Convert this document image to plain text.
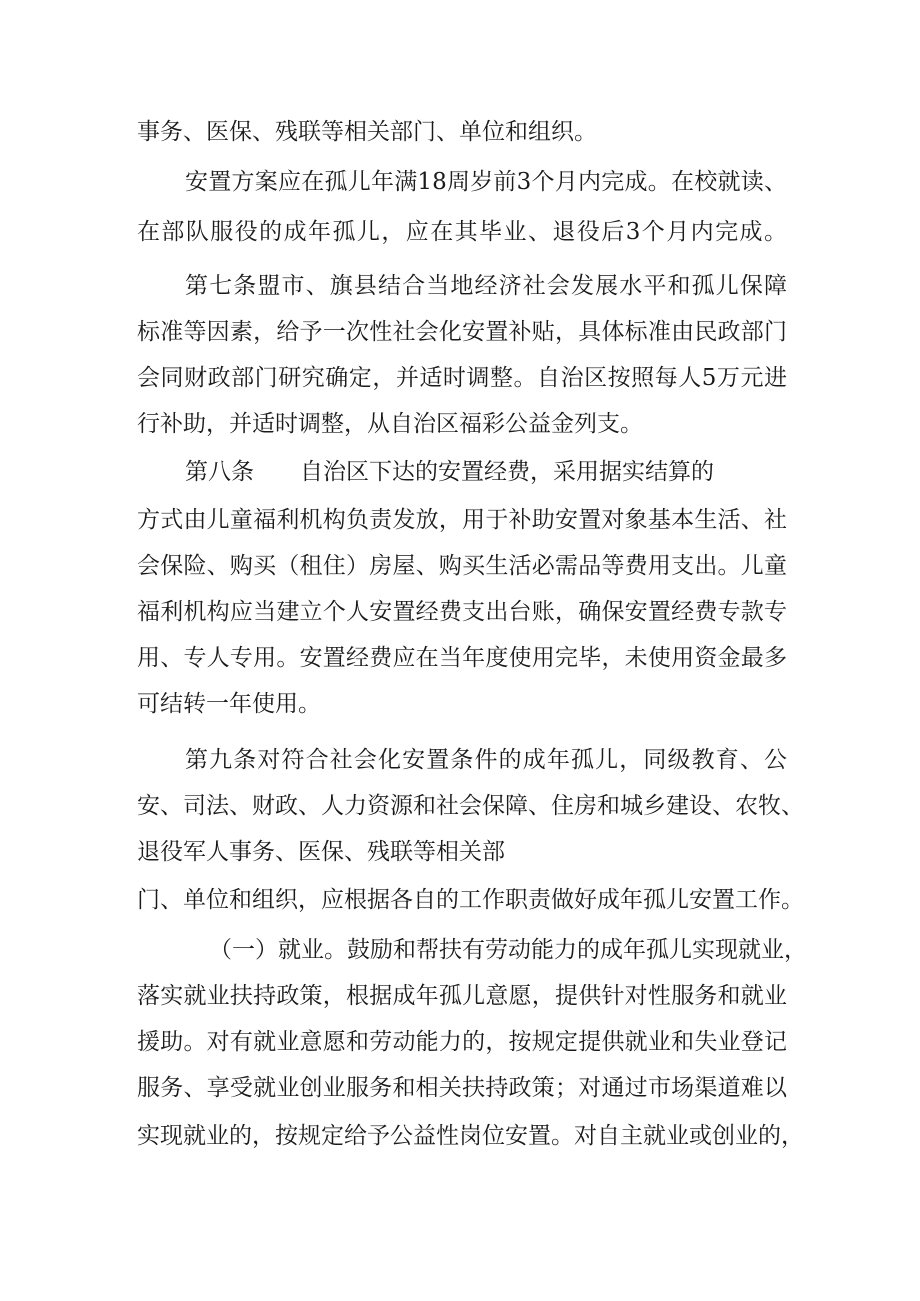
事务、医保、残联等相关部门、单位和组织。
安置方案应在孤儿年满18周岁前3个月内完成。在校就读、
在部队服役的成年孤儿，应在其毕业、退役后3个月内完成。
第七条盟市、旗县结合当地经济社会发展水平和孤儿保障
标准等因素，给予一次性社会化安置补贴，具体标准由民政部门
会同财政部门研究确定，并适时调整。自治区按照每人5万元进
行补助，并适时调整，从自治区福彩公益金列支。
第八条　　自治区下达的安置经费，采用据实结算的
方式由儿童福利机构负责发放，用于补助安置对象基本生活、社
会保险、购买（租住）房屋、购买生活必需品等费用支出。儿童
福利机构应当建立个人安置经费支出台账，确保安置经费专款专
用、专人专用。安置经费应在当年度使用完毕，未使用资金最多
可结转一年使用。
第九条对符合社会化安置条件的成年孤儿，同级教育、公
安、司法、财政、人力资源和社会保障、住房和城乡建设、农牧、
退役军人事务、医保、残联等相关部
门、单位和组织，应根据各自的工作职责做好成年孤儿安置工作。
（一）就业。鼓励和帮扶有劳动能力的成年孤儿实现就业，
落实就业扶持政策，根据成年孤儿意愿，提供针对性服务和就业
援助。对有就业意愿和劳动能力的，按规定提供就业和失业登记
服务、享受就业创业服务和相关扶持政策；对通过市场渠道难以
实现就业的，按规定给予公益性岗位安置。对自主就业或创业的，
